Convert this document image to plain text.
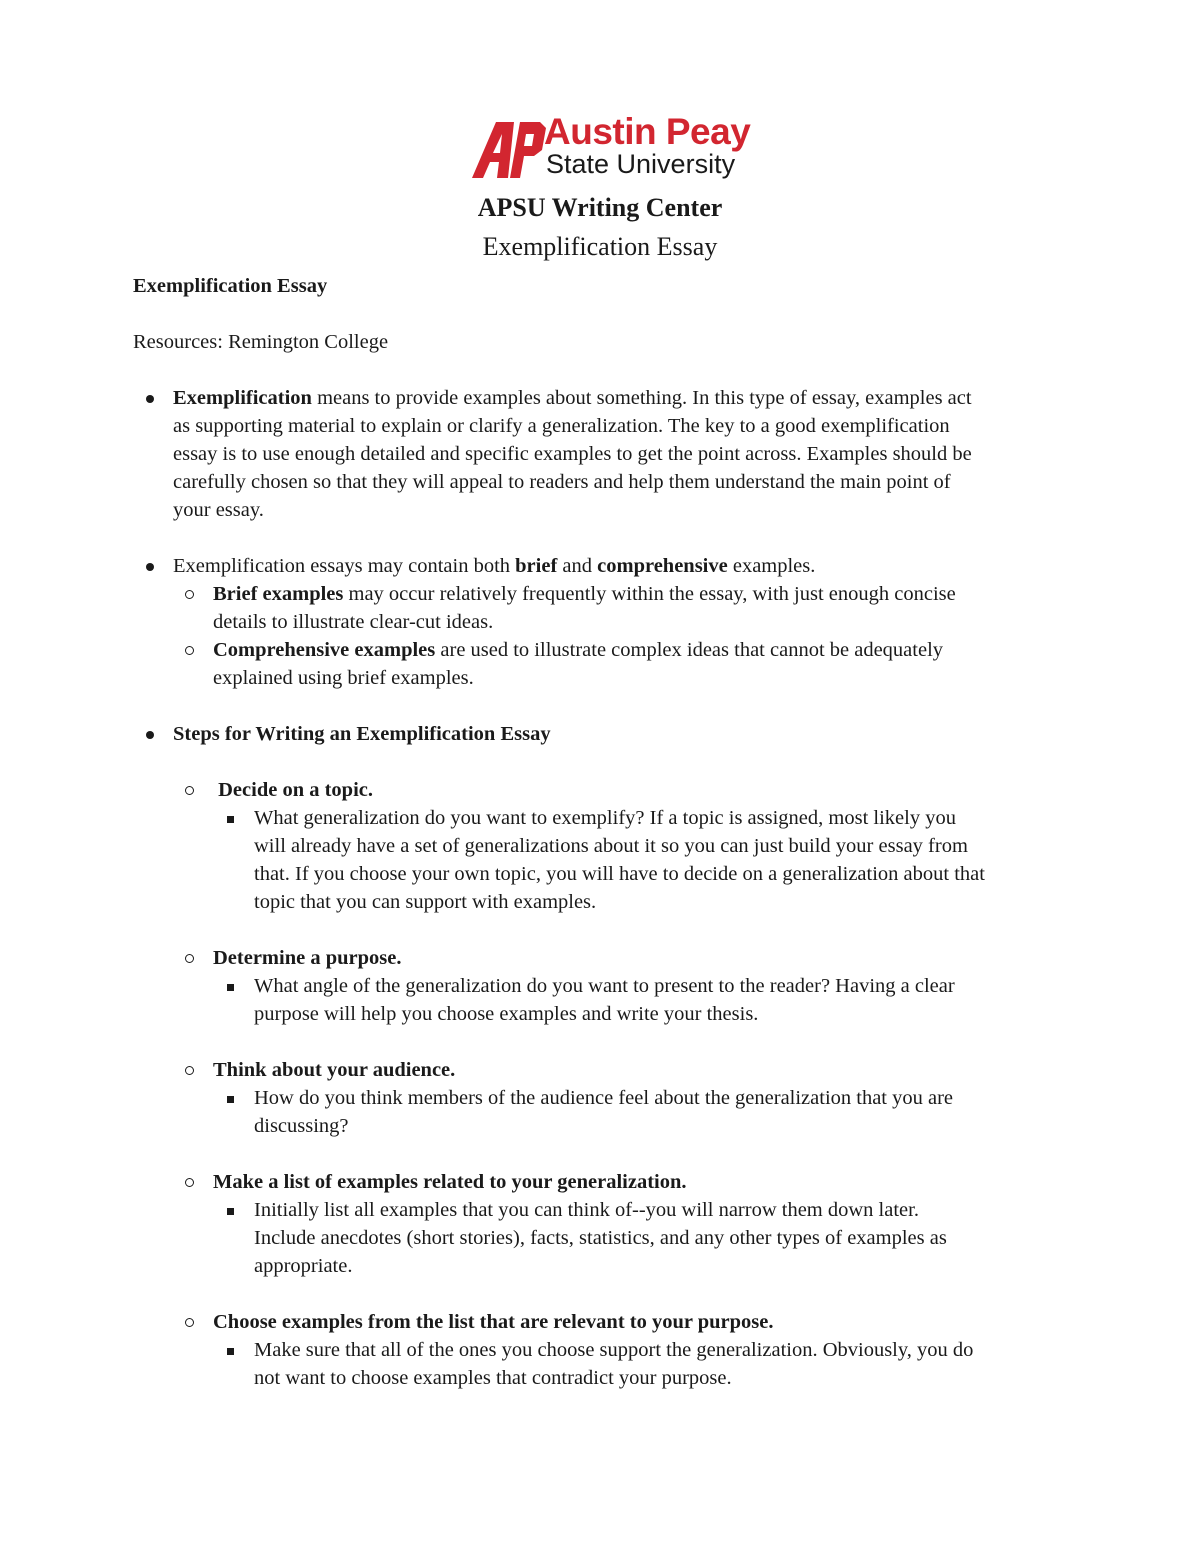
Austin Peay
State University
APSU Writing Center
Exemplification Essay

Exemplification Essay

Resources: Remington College

Exemplification means to provide examples about something. In this type of essay, examples act

as supporting material to explain or clarify a generalization. The key to a good exemplification

essay is to use enough detailed and specific examples to get the point across. Examples should be

carefully chosen so that they will appeal to readers and help them understand the main point of

your essay.

Exemplification essays may contain both brief and comprehensive examples.

Brief examples may occur relatively frequently within the essay, with just enough concise

details to illustrate clear-cut ideas.

Comprehensive examples are used to illustrate complex ideas that cannot be adequately

explained using brief examples.

Steps for Writing an Exemplification Essay

Decide on a topic.

What generalization do you want to exemplify? If a topic is assigned, most likely you

will already have a set of generalizations about it so you can just build your essay from

that. If you choose your own topic, you will have to decide on a generalization about that

topic that you can support with examples.

Determine a purpose.

What angle of the generalization do you want to present to the reader? Having a clear

purpose will help you choose examples and write your thesis.

Think about your audience.

How do you think members of the audience feel about the generalization that you are

discussing?

Make a list of examples related to your generalization.

Initially list all examples that you can think of--you will narrow them down later.

Include anecdotes (short stories), facts, statistics, and any other types of examples as

appropriate.

Choose examples from the list that are relevant to your purpose.

Make sure that all of the ones you choose support the generalization. Obviously, you do

not want to choose examples that contradict your purpose.
